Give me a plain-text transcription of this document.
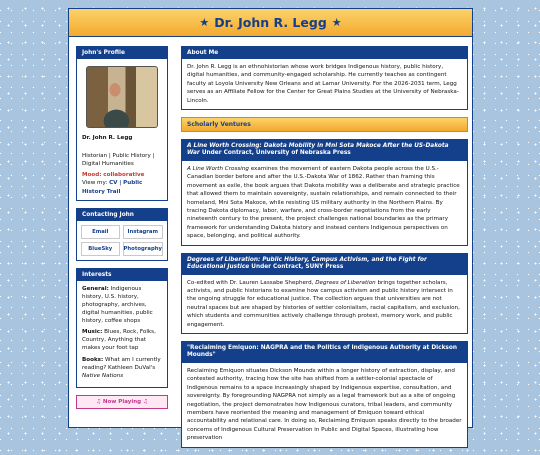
★ Dr. John R. Legg ★
John's Profile
Dr. John R. Legg
Historian | Public History | Digital Humanities
Mood: collaborative
View my: CV | Public History Trail
Contacting John
Email	Instagram
BlueSky	Photography
Interests

General: Indigenous history, U.S. history, photography, archives, digital humanities, public history, coffee shops

Music: Blues, Rock, Folks, Country, Anything that makes your foot tap

Books: What am I currently reading? Kathleen DuVal's Native Nations

♫ Now Playing ♫
About Me
Dr. John R. Legg is an ethnohistorian whose work bridges Indigenous history, public history, digital humanities, and community-engaged scholarship. He currently teaches as contingent faculty at Loyola University New Orleans and at Lamar University. For the 2026-2031 term, Legg serves as an Affiliate Fellow for the Center for Great Plains Studies at the University of Nebraska-Lincoln.
Scholarly Ventures
A Line Worth Crossing: Dakota Mobility in Mni Sota Makoce After the US-Dakota War Under Contract, University of Nebraska Press
A Line Worth Crossing examines the movement of eastern Dakota people across the U.S.-Canadian border before and after the U.S.-Dakota War of 1862. Rather than framing this movement as exile, the book argues that Dakota mobility was a deliberate and strategic practice that allowed them to maintain sovereignty, sustain relationships, and remain connected to their homeland, Mni Sota Makoce, while resisting US military authority in the Northern Plains. By tracing Dakota diplomacy, labor, warfare, and cross-border negotiations from the early nineteenth century to the present, the project challenges national boundaries as the primary framework for understanding Dakota history and instead centers Indigenous perspectives on space, belonging, and political authority.
Degrees of Liberation: Public History, Campus Activism, and the Fight for Educational Justice Under Contract, SUNY Press
Co-edited with Dr. Lauren Lassabe Shepherd, Degrees of Liberation brings together scholars, activists, and public historians to examine how campus activism and public history intersect in the ongoing struggle for educational justice. The collection argues that universities are not neutral spaces but are shaped by histories of settler colonialism, racial capitalism, and exclusion, which students and communities actively challenge through protest, memory work, and public engagement.
"Reclaiming Emiquon: NAGPRA and the Politics of Indigenous Authority at Dickson Mounds"
Reclaiming Emiquon situates Dickson Mounds within a longer history of extraction, display, and contested authority, tracing how the site has shifted from a settler-colonial spectacle of Indigenous remains to a space increasingly shaped by Indigenous expertise, consultation, and sovereignty. By foregrounding NAGPRA not simply as a legal framework but as a site of ongoing negotiation, the project demonstrates how Indigenous curators, tribal leaders, and community members have reoriented the meaning and management of Emiquon toward ethical accountability and relational care. In doing so, Reclaiming Emiquon speaks directly to the broader concerns of Indigenous Cultural Preservation in Public and Digital Spaces, illustrating how preservation
